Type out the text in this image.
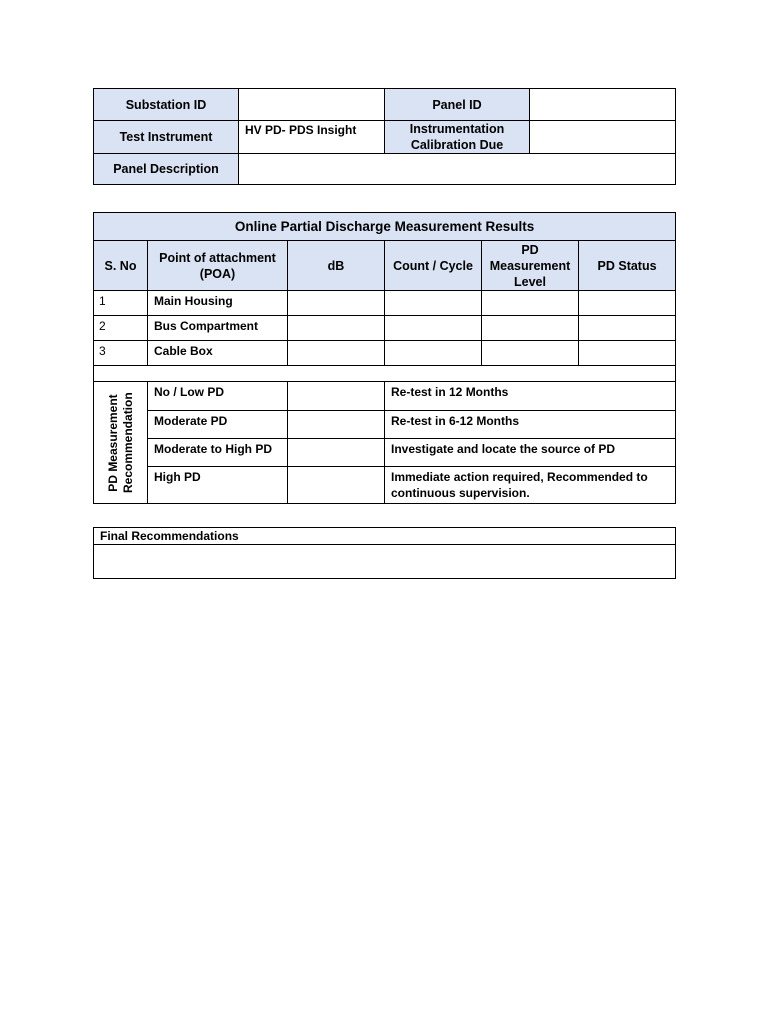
Substation ID		Panel ID	
Test Instrument	HV PD- PDS Insight	Instrumentation Calibration Due	
Panel Description			
Online Partial Discharge Measurement Results					
S. No	Point of attachment (POA)	dB	Count / Cycle	PD Measurement Level	PD Status
1	Main Housing				
2	Bus Compartment				
3	Cable Box				

PD Measurement Recommendation	No / Low PD		Re-test in 12 Months		
	Moderate PD		Re-test in 6-12 Months		
	Moderate to High PD		Investigate and locate the source of PD		
	High PD		Immediate action required, Recommended to continuous supervision.		
Final Recommendations
